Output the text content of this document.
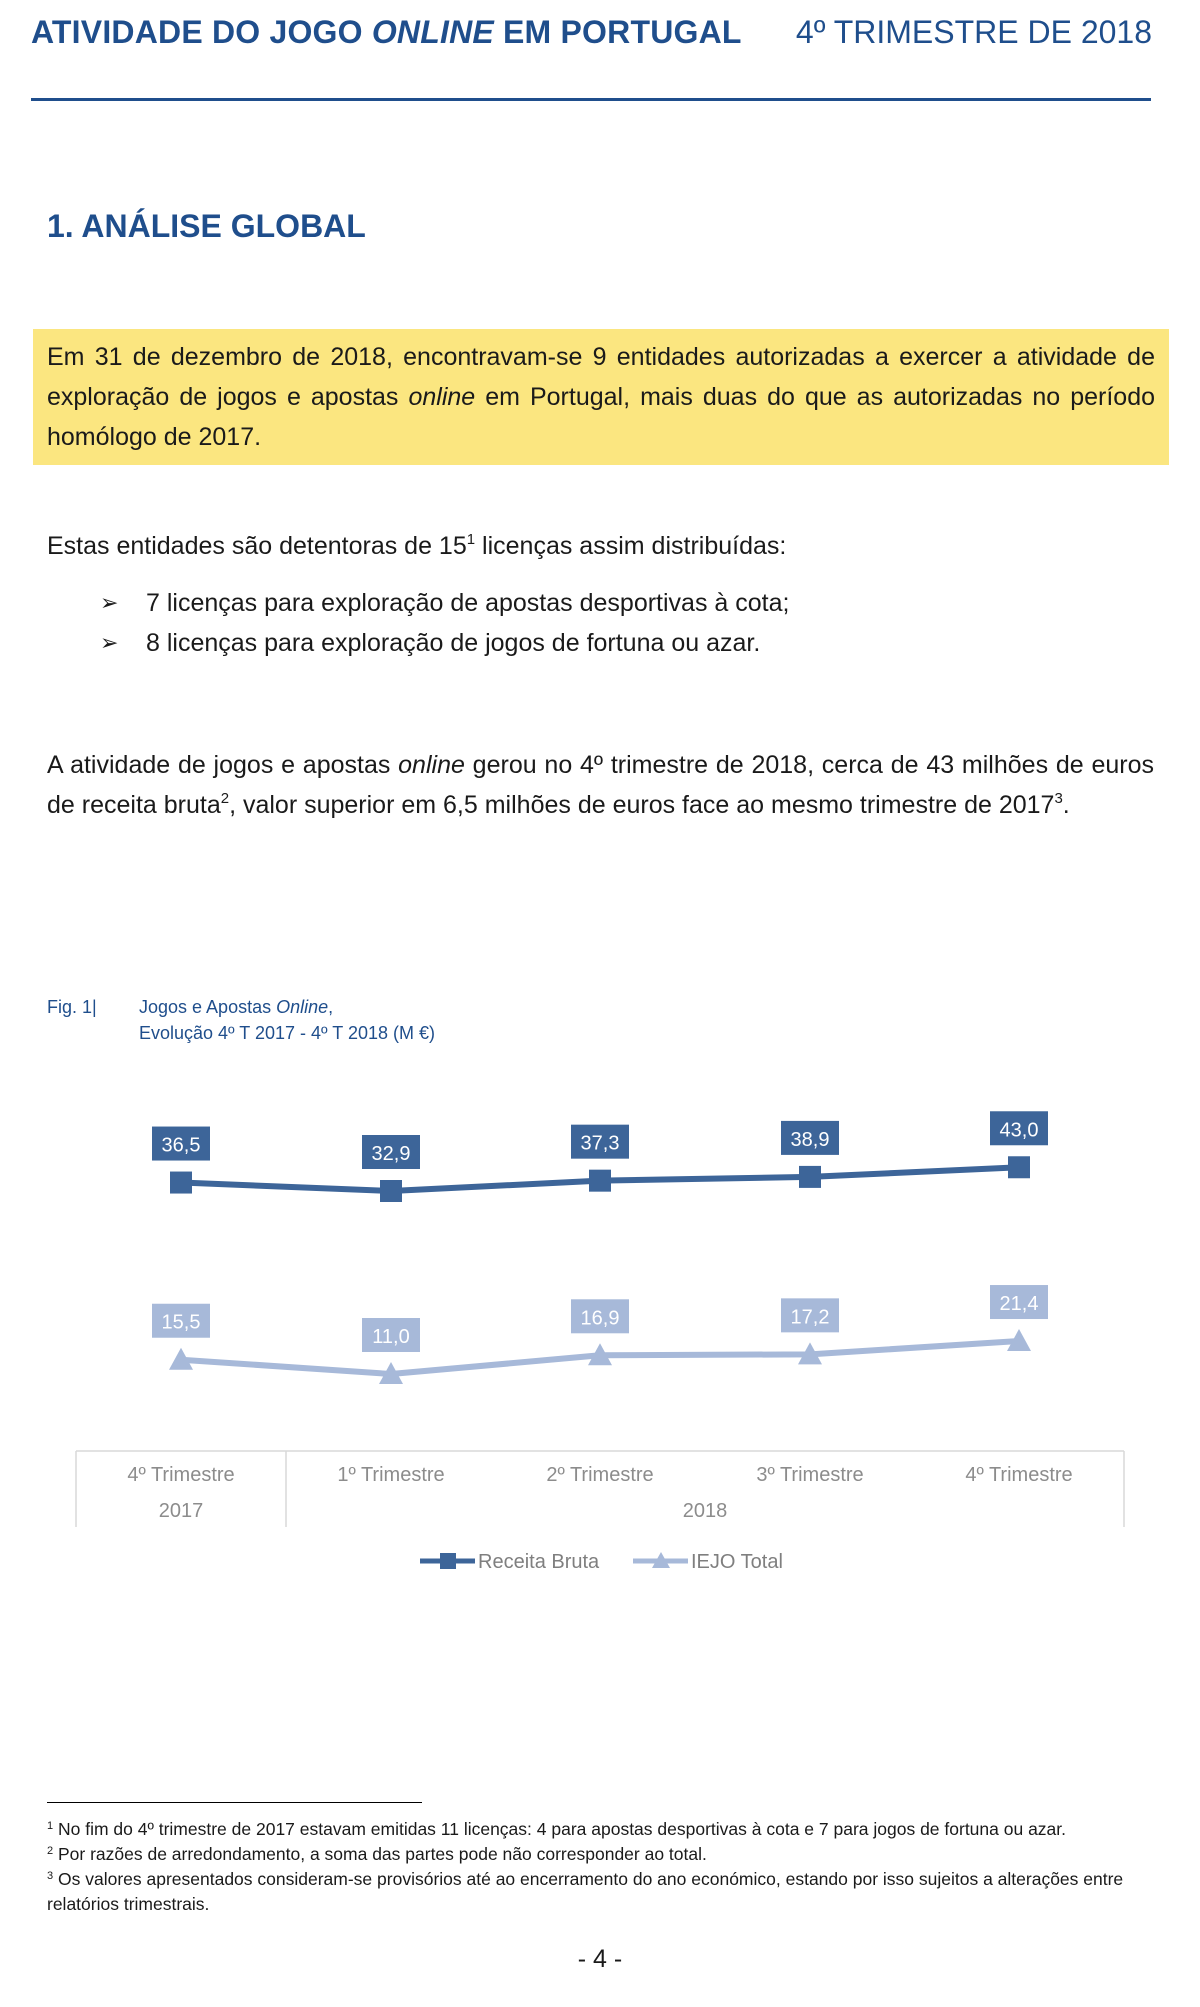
ATIVIDADE DO JOGO ONLINE EM PORTUGAL 4º TRIMESTRE DE 2018
1. ANÁLISE GLOBAL
Em 31 de dezembro de 2018, encontravam-se 9 entidades autorizadas a exercer a atividade de exploração de jogos e apostas online em Portugal, mais duas do que as autorizadas no período homólogo de 2017.
Estas entidades são detentoras de $15^1$ licenças assim distribuídas:
➢	7 licenças para exploração de apostas desportivas à cota;
➢	8 licenças para exploração de jogos de fortuna ou azar.
A atividade de jogos e apostas online gerou no 4º trimestre de 2018, cerca de 43 milhões de euros de receita bruta$^2$, valor superior em 6,5 milhões de euros face ao mesmo trimestre de 2017$^3$.
Fig. 1| Jogos e Apostas Online,
Evolução 4º T 2017 - 4º T 2018 (M €)
4º Trimestre	1º Trimestre	2º Trimestre	3º Trimestre	4º Trimestre
2017	2018
36,5	32,9	37,3	38,9	43,0
15,5
11,0
16,9	17,2
21,4
Receita Bruta	IEJO Total
$^1$ No fim do 4º trimestre de 2017 estavam emitidas 11 licenças: 4 para apostas desportivas à cota e 7 para jogos de fortuna ou azar.
$^2$ Por razões de arredondamento, a soma das partes pode não corresponder ao total.
$^3$ Os valores apresentados consideram-se provisórios até ao encerramento do ano económico, estando por isso sujeitos a alterações entre relatórios trimestrais.
- 4 -
